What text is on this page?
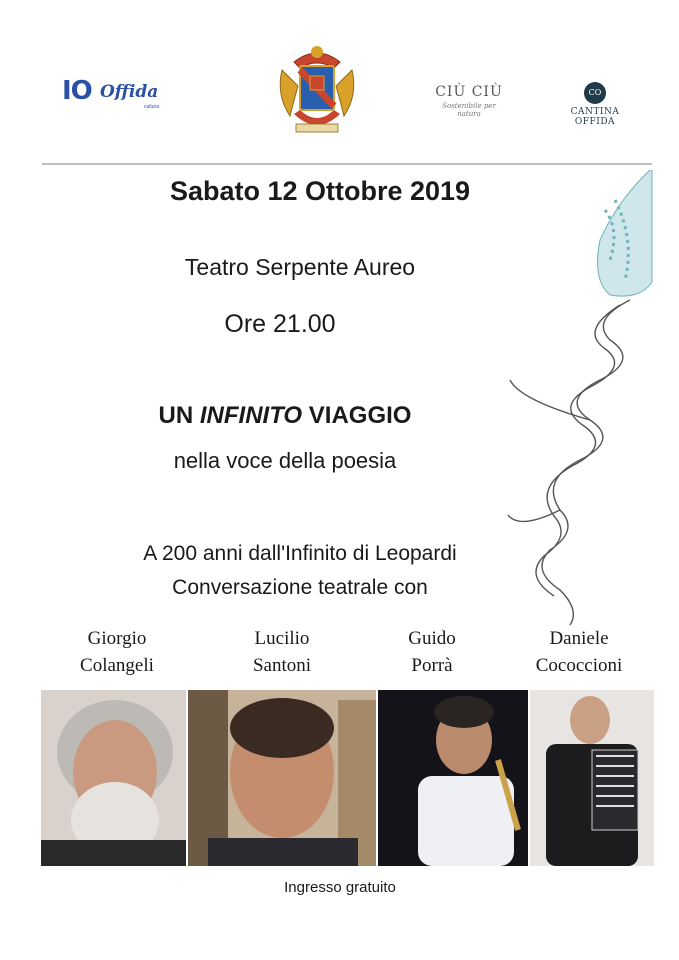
IO Offida
cultura
CIÙ CIÙ
Sostenibile per natura
CO
CANTINA OFFIDA
Sabato 12 Ottobre 2019
Teatro Serpente Aureo
Ore 21.00
UN INFINITO VIAGGIO
nella voce della poesia
A 200 anni dall'Infinito di Leopardi
Conversazione teatrale con
Giorgio
Colangeli
Lucilio
Santoni
Guido
Porrà
Daniele
Cococcioni
Ingresso gratuito
